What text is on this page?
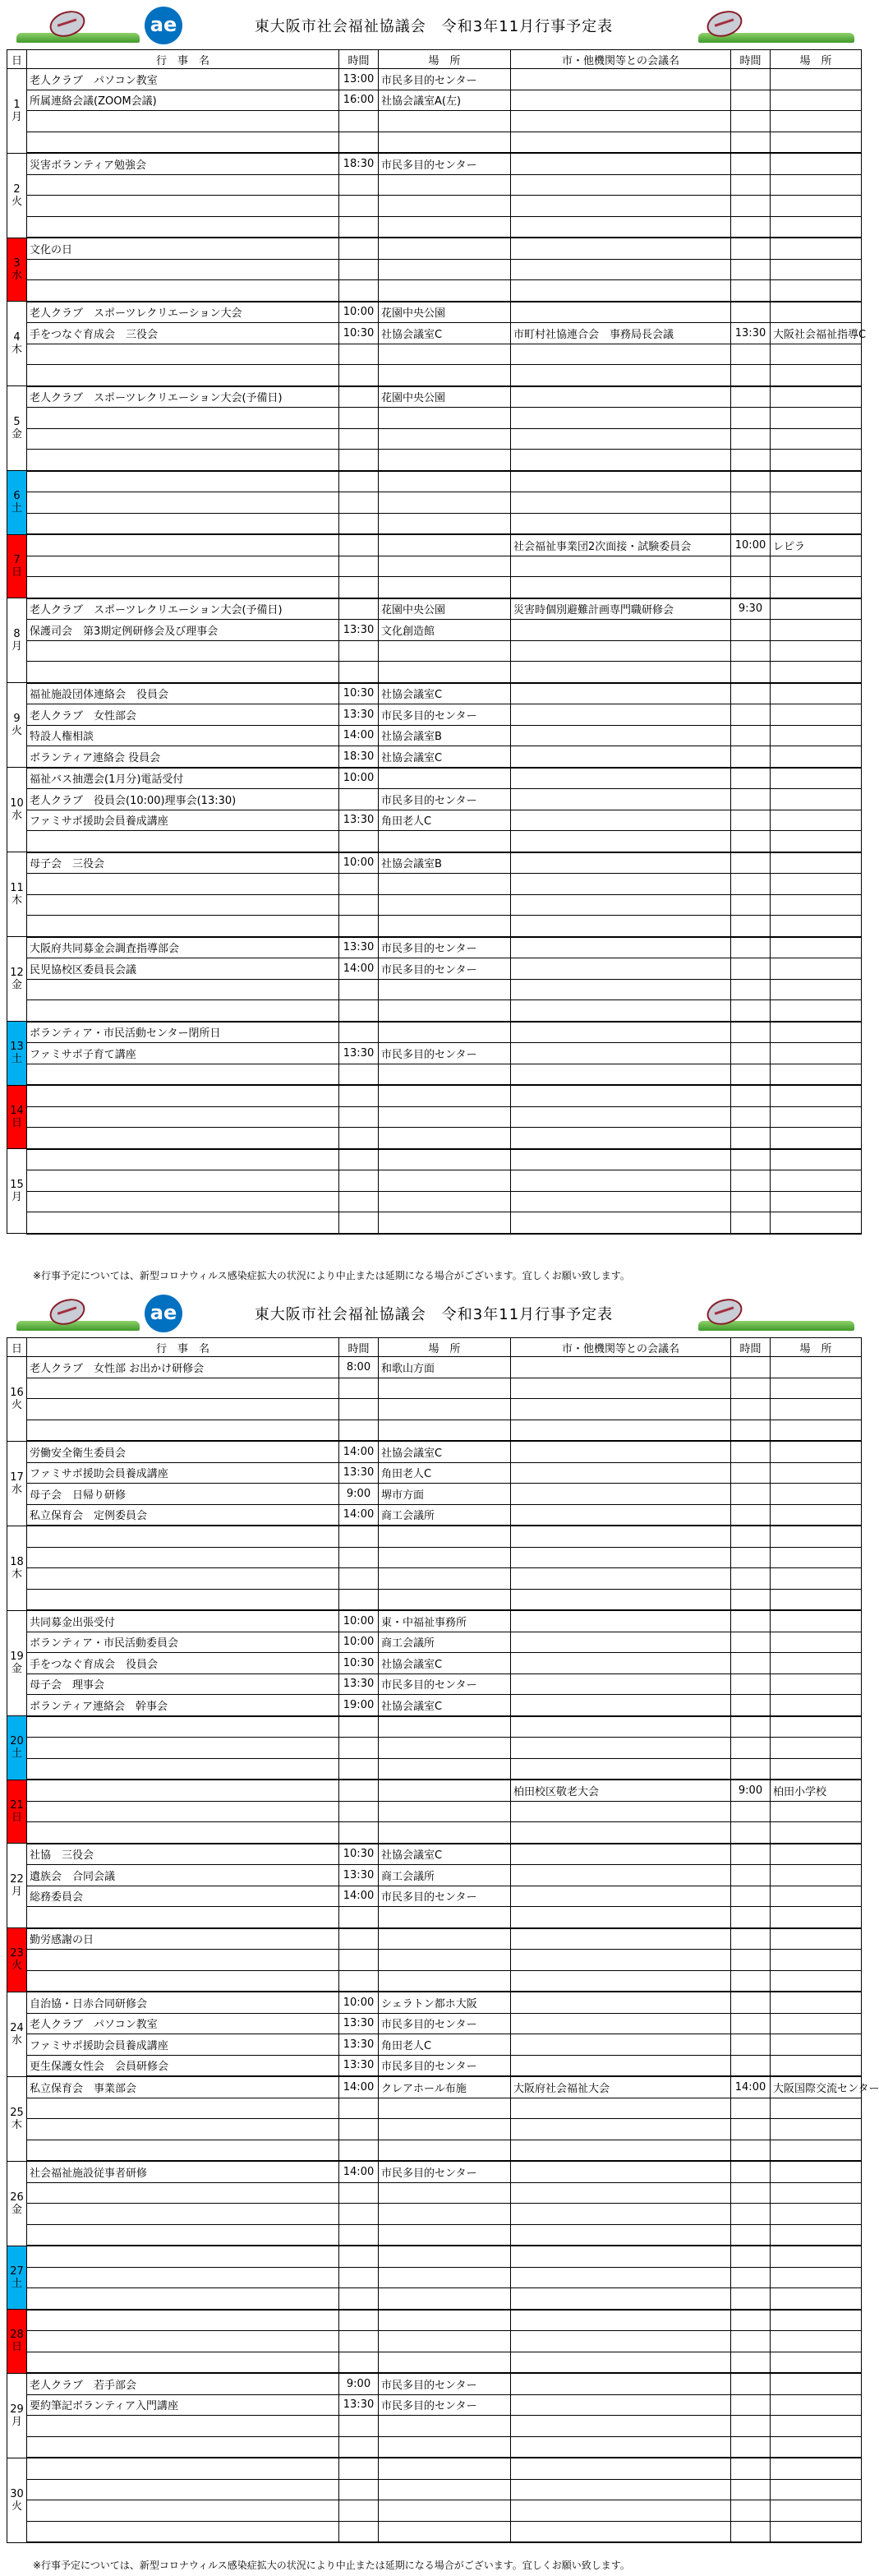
ae	東大阪市社会福祉協議会　令和3年11月行事予定表
日	行　事　名	時間	場　所	市・他機関等との会議名	時間	場　所

1
月	老人クラブ　パソコン教室	13:00	市民多目的センター			
	所属連絡会議(ZOOM会議)	16:00	社協会議室A(左)			

2
火	災害ボランティア勉強会	18:30	市民多目的センター			

3
水	文化の日					

4
木	老人クラブ　スポーツレクリエーション大会	10:00	花園中央公園			
	手をつなぐ育成会　三役会	10:30	社協会議室C	市町村社協連合会　事務局長会議	13:30	大阪社会福祉指導C

5
金	老人クラブ　スポーツレクリエーション大会(予備日)		花園中央公園			

6
土						

7
日				社会福祉事業団2次面接・試験委員会	10:00	レピラ

8
月	老人クラブ　スポーツレクリエーション大会(予備日)		花園中央公園	災害時個別避難計画専門職研修会	9:30	
	保護司会　第3期定例研修会及び理事会	13:30	文化創造館			

9
火	福祉施設団体連絡会　役員会	10:30	社協会議室C			
	老人クラブ　女性部会	13:30	市民多目的センター			
	特設人権相談	14:00	社協会議室B			
	ボランティア連絡会 役員会	18:30	社協会議室C			

10
水	福祉バス抽選会(1月分)電話受付	10:00				
	老人クラブ　役員会(10:00)理事会(13:30)		市民多目的センター			
	ファミサポ援助会員養成講座	13:30	角田老人C			

11
木	母子会　三役会	10:00	社協会議室B			

12
金	大阪府共同募金会調査指導部会	13:30	市民多目的センター			
	民児協校区委員長会議	14:00	市民多目的センター			

13
土	ボランティア・市民活動センター閉所日					
	ファミサポ子育て講座	13:30	市民多目的センター			

14
日						

15
月						

※行事予定については、新型コロナウィルス感染症拡大の状況により中止または延期になる場合がございます。宜しくお願い致します。
ae	東大阪市社会福祉協議会　令和3年11月行事予定表
日	行　事　名	時間	場　所	市・他機関等との会議名	時間	場　所

16
火	老人クラブ　女性部 お出かけ研修会	8:00	和歌山方面			

17
水	労働安全衛生委員会	14:00	社協会議室C			
	ファミサポ援助会員養成講座	13:30	角田老人C			
	母子会　日帰り研修	9:00	堺市方面			
	私立保育会　定例委員会	14:00	商工会議所			

18
木						

19
金	共同募金出張受付	10:00	東・中福祉事務所			
	ボランティア・市民活動委員会	10:00	商工会議所			
	手をつなぐ育成会　役員会	10:30	社協会議室C			
	母子会　理事会	13:30	市民多目的センター			
	ボランティア連絡会　幹事会	19:00	社協会議室C			

20
土						

21
日				柏田校区敬老大会	9:00	柏田小学校

22
月	社協　三役会	10:30	社協会議室C			
	遺族会　合同会議	13:30	商工会議所			
	総務委員会	14:00	市民多目的センター			

23
火	勤労感謝の日					

24
水	自治協・日赤合同研修会	10:00	シェラトン都ホ大阪			
	老人クラブ　パソコン教室	13:30	市民多目的センター			
	ファミサポ援助会員養成講座	13:30	角田老人C			
	更生保護女性会　会員研修会	13:30	市民多目的センター			

25
木	私立保育会　事業部会	14:00	クレアホール布施	大阪府社会福祉大会	14:00	大阪国際交流センター

26
金	社会福祉施設従事者研修	14:00	市民多目的センター			

27
土						

28
日						

29
月	老人クラブ　若手部会	9:00	市民多目的センター			
	要約筆記ボランティア入門講座	13:30	市民多目的センター			

30
火						

※行事予定については、新型コロナウィルス感染症拡大の状況により中止または延期になる場合がございます。宜しくお願い致します。
